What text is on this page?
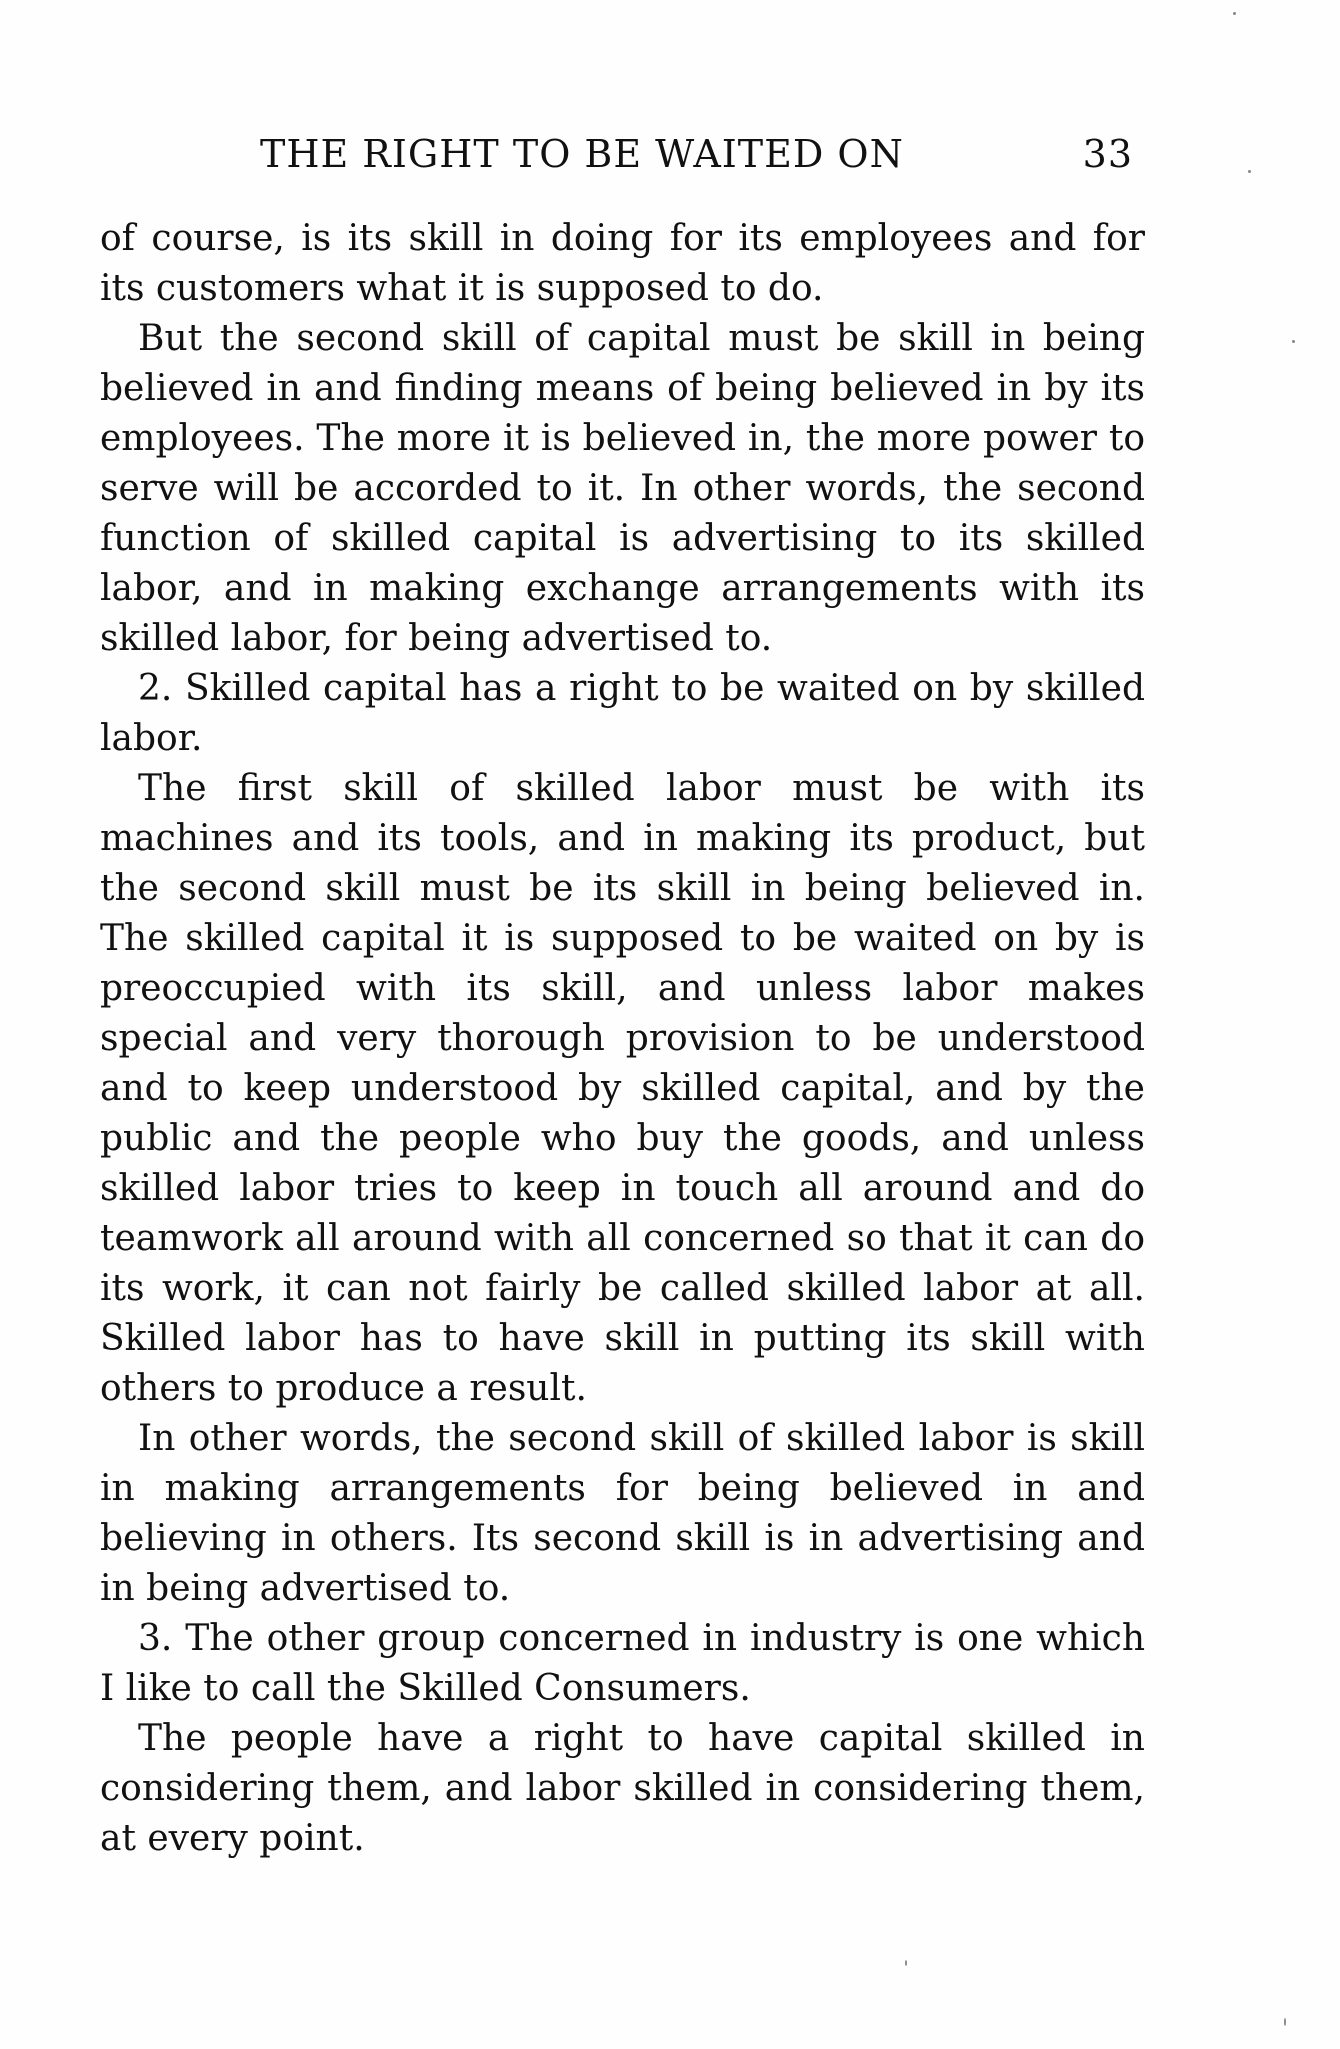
THE RIGHT TO BE WAITED ON	33

of course, is its skill in doing for its employees and for its customers what it is supposed to do.

But the second skill of capital must be skill in being believed in and finding means of being believed in by its employees. The more it is believed in, the more power to serve will be accorded to it. In other words, the second function of skilled capital is advertising to its skilled labor, and in making exchange arrangements with its skilled labor, for being advertised to.

2. Skilled capital has a right to be waited on by skilled labor.

The first skill of skilled labor must be with its machines and its tools, and in making its product, but the second skill must be its skill in being believed in. The skilled capital it is supposed to be waited on by is preoccupied with its skill, and unless labor makes special and very thorough provision to be understood and to keep understood by skilled capital, and by the public and the people who buy the goods, and unless skilled labor tries to keep in touch all around and do teamwork all around with all concerned so that it can do its work, it can not fairly be called skilled labor at all. Skilled labor has to have skill in putting its skill with others to produce a result.

In other words, the second skill of skilled labor is skill in making arrangements for being believed in and believing in others. Its second skill is in advertising and in being advertised to.

3. The other group concerned in industry is one which I like to call the Skilled Consumers.

The people have a right to have capital skilled in considering them, and labor skilled in considering them, at every point.
